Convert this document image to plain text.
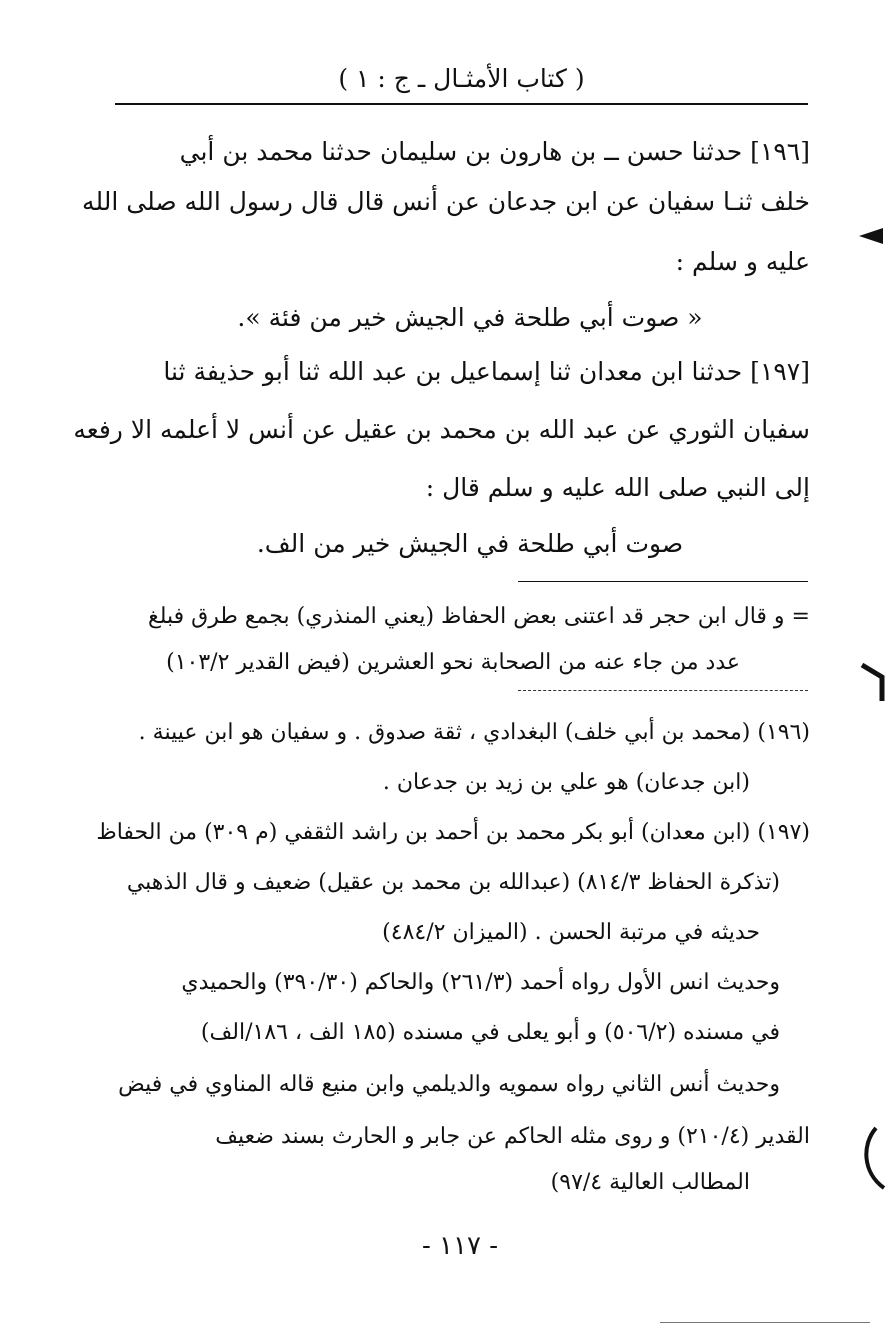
( كتاب الأمثـال ـ ج : ١ )
[١٩٦] حدثنا حسن ــ بن هارون بن سليمان حدثنا محمد بن أبي
خلف ثنـا سفيان عن ابن جدعان عن أنس قال قال رسول الله صلى الله
عليه و سلم :
« صوت أبي طلحة في الجيش خير من فئة ».
[١٩٧] حدثنا ابن معدان ثنا إسماعيل بن عبد الله ثنا أبو حذيفة ثنا
سفيان الثوري عن عبد الله بن محمد بن عقيل عن أنس لا أعلمه الا رفعه
إلى النبي صلى الله عليه و سلم قال :
صوت أبي طلحة في الجيش خير من الف.
= و قال ابن حجر قد اعتنى بعض الحفاظ (يعني المنذري) بجمع طرق فبلغ
عدد من جاء عنه من الصحابة نحو العشرين (فيض القدير ١٠٣/٢)
(١٩٦) (محمد بن أبي خلف) البغدادي ، ثقة صدوق . و سفيان هو ابن عيينة .
(ابن جدعان) هو علي بن زيد بن جدعان .
(١٩٧) (ابن معدان) أبو بكر محمد بن أحمد بن راشد الثقفي (م ٣٠٩) من الحفاظ
(تذكرة الحفاظ ٨١٤/٣) (عبدالله بن محمد بن عقيل) ضعيف و قال الذهبي
حديثه في مرتبة الحسن . (الميزان ٤٨٤/٢)
وحديث انس الأول رواه أحمد (٢٦١/٣) والحاكم (٣٩٠/٣٠) والحميدي
في مسنده (٥٠٦/٢) و أبو يعلى في مسنده (١٨٥ الف ، ١٨٦/الف)
وحديث أنس الثاني رواه سمويه والديلمي وابن منيع قاله المناوي في فيض
القدير (٢١٠/٤) و روى مثله الحاكم عن جابر و الحارث بسند ضعيف
المطالب العالية ٩٧/٤)
- ١١٧ -
